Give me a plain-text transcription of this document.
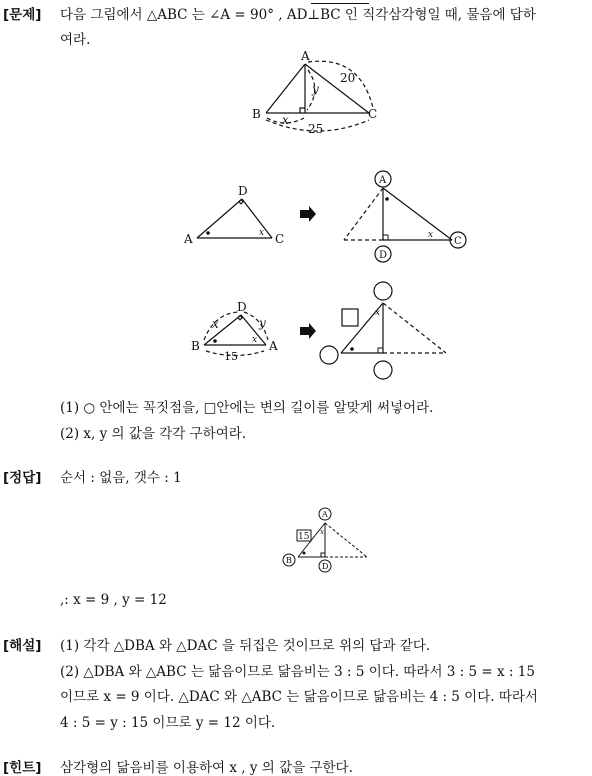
[문제] 다음 그림에서 △ABC 는 ∠A = 90° , AD⊥BC 인 직각삼각형일 때, 물음에 답하
여라.
A
B	C
20
y
x
25
D
A	C
x
A
D
C
x
D
B	A
x	y
15
x
x
A
B
D
15 x
(1) ○ 안에는 꼭짓점을, □안에는 변의 길이를 알맞게 써넣어라.
(2) x, y 의 값을 각각 구하여라.
[정답] 순서 : 없음, 갯수 : 1
,: x = 9 , y = 12
[해설] (1) 각각 △DBA 와 △DAC 을 뒤집은 것이므로 위의 답과 같다.
(2) △DBA 와 △ABC 는 닮음이므로 닮음비는 3 : 5 이다. 따라서 3 : 5 = x : 15
이므로 x = 9 이다. △DAC 와 △ABC 는 닮음이므로 닮음비는 4 : 5 이다. 따라서
4 : 5 = y : 15 이므로 y = 12 이다.
[힌트] 삼각형의 닮음비를 이용하여 x , y 의 값을 구한다.
